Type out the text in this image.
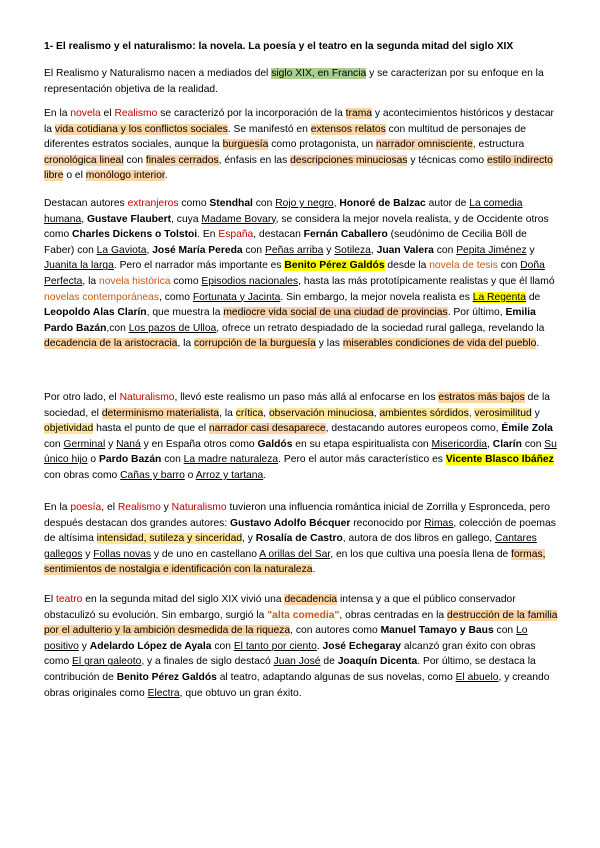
1- El realismo y el naturalismo: la novela. La poesía y el teatro en la segunda mitad del siglo XIX

El Realismo y Naturalismo nacen a mediados del siglo XIX, en Francia y se caracterizan por su enfoque en la representación objetiva de la realidad.

En la novela el Realismo se caracterizó por la incorporación de la trama y acontecimientos históricos y destacar la vida cotidiana y los conflictos sociales. Se manifestó en extensos relatos con multitud de personajes de diferentes estratos sociales, aunque la burguesía como protagonista, un narrador omnisciente, estructura cronológica lineal con finales cerrados, énfasis en las descripciones minuciosas y técnicas como estilo indirecto libre o el monólogo interior.

Destacan autores extranjeros como Stendhal con Rojo y negro, Honoré de Balzac autor de La comedia humana, Gustave Flaubert, cuya Madame Bovary, se considera la mejor novela realista, y de Occidente otros como Charles Dickens o Tolstoi. En España, destacan Fernán Caballero (seudónimo de Cecilia Böll de Faber) con La Gaviota, José María Pereda con Peñas arriba y Sotileza, Juan Valera con Pepita Jiménez y Juanita la larga. Pero el narrador más importante es Benito Pérez Galdós desde la novela de tesis con Doña Perfecta, la novela histórica como Episodios nacionales, hasta las más prototípicamente realistas y que él llamó novelas contemporáneas, como Fortunata y Jacinta. Sin embargo, la mejor novela realista es La Regenta de Leopoldo Alas Clarín, que muestra la mediocre vida social de una ciudad de provincias. Por último, Emilia Pardo Bazán,con Los pazos de Ulloa, ofrece un retrato despiadado de la sociedad rural gallega, revelando la decadencia de la aristocracia, la corrupción de la burguesía y las miserables condiciones de vida del pueblo.

Por otro lado, el Naturalismo, llevó este realismo un paso más allá al enfocarse en los estratos más bajos de la sociedad, el determinismo materialista, la crítica, observación minuciosa, ambientes sórdidos, verosimilitud y objetividad hasta el punto de que el narrador casi desaparece, destacando autores europeos como, Émile Zola con Germinal y Naná y en España otros como Galdós en su etapa espiritualista con Misericordia, Clarín con Su único hijo o Pardo Bazán con La madre naturaleza. Pero el autor más característico es Vicente Blasco Ibáñez con obras como Cañas y barro o Arroz y tartana.

En la poesía, el Realismo y Naturalismo tuvieron una influencia romántica inicial de Zorrilla y Espronceda, pero después destacan dos grandes autores: Gustavo Adolfo Bécquer reconocido por Rimas, colección de poemas de altísima intensidad, sutileza y sinceridad, y Rosalía de Castro, autora de dos libros en gallego, Cantares gallegos y Follas novas y de uno en castellano A orillas del Sar, en los que cultiva una poesía llena de formas, sentimientos de nostalgia e identificación con la naturaleza.

El teatro en la segunda mitad del siglo XIX vivió una decadencia intensa y a que el público conservador obstaculizó su evolución. Sin embargo, surgió la "alta comedia", obras centradas en la destrucción de la familia por el adulterio y la ambición desmedida de la riqueza, con autores como Manuel Tamayo y Baus con Lo positivo y Adelardo López de Ayala con El tanto por ciento. José Echegaray alcanzó gran éxito con obras como El gran galeoto, y a finales de siglo destacó Juan José de Joaquín Dicenta. Por último, se destaca la contribución de Benito Pérez Galdós al teatro, adaptando algunas de sus novelas, como El abuelo, y creando obras originales como Electra, que obtuvo un gran éxito.
